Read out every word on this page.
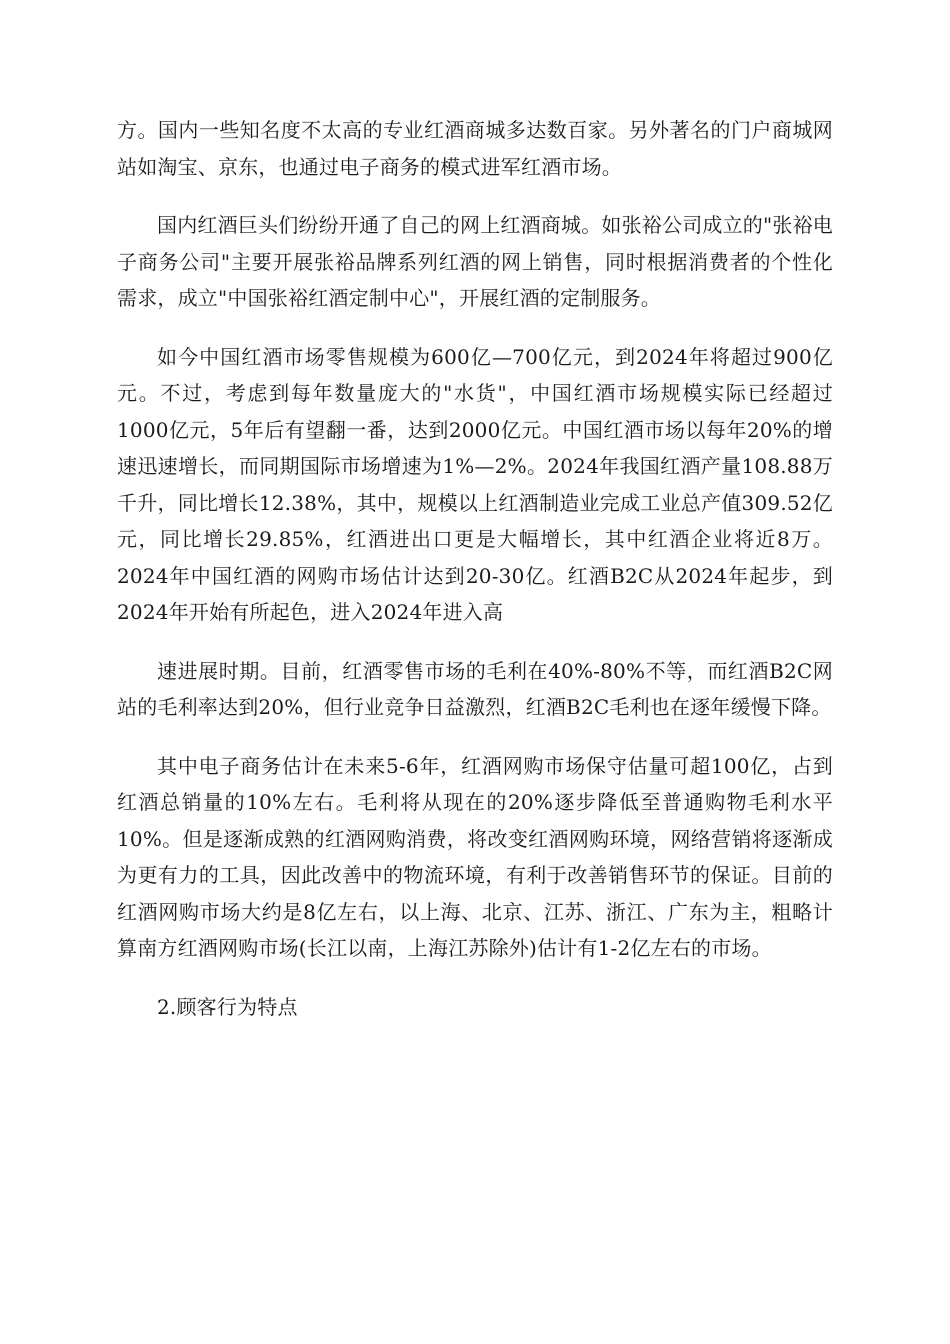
方。国内一些知名度不太高的专业红酒商城多达数百家。另外著名的门户商城网站如淘宝、京东，也通过电子商务的模式进军红酒市场。

国内红酒巨头们纷纷开通了自己的网上红酒商城。如张裕公司成立的"张裕电子商务公司"主要开展张裕品牌系列红酒的网上销售，同时根据消费者的个性化需求，成立"中国张裕红酒定制中心"，开展红酒的定制服务。

如今中国红酒市场零售规模为600亿—700亿元，到2024年将超过900亿元。不过，考虑到每年数量庞大的"水货"，中国红酒市场规模实际已经超过1000亿元，5年后有望翻一番，达到2000亿元。中国红酒市场以每年20%的增速迅速增长，而同期国际市场增速为1%—2%。2024年我国红酒产量108.88万千升，同比增长12.38%，其中，规模以上红酒制造业完成工业总产值309.52亿元，同比增长29.85%，红酒进出口更是大幅增长，其中红酒企业将近8万。2024年中国红酒的网购市场估计达到20-30亿。红酒B2C从2024年起步，到2024年开始有所起色，进入2024年进入高

速进展时期。目前，红酒零售市场的毛利在40%-80%不等，而红酒B2C网站的毛利率达到20%，但行业竞争日益激烈，红酒B2C毛利也在逐年缓慢下降。

其中电子商务估计在未来5-6年，红酒网购市场保守估量可超100亿，占到红酒总销量的10%左右。毛利将从现在的20%逐步降低至普通购物毛利水平10%。但是逐渐成熟的红酒网购消费，将改变红酒网购环境，网络营销将逐渐成为更有力的工具，因此改善中的物流环境，有利于改善销售环节的保证。目前的红酒网购市场大约是8亿左右，以上海、北京、江苏、浙江、广东为主，粗略计算南方红酒网购市场(长江以南，上海江苏除外)估计有1-2亿左右的市场。

2.顾客行为特点
